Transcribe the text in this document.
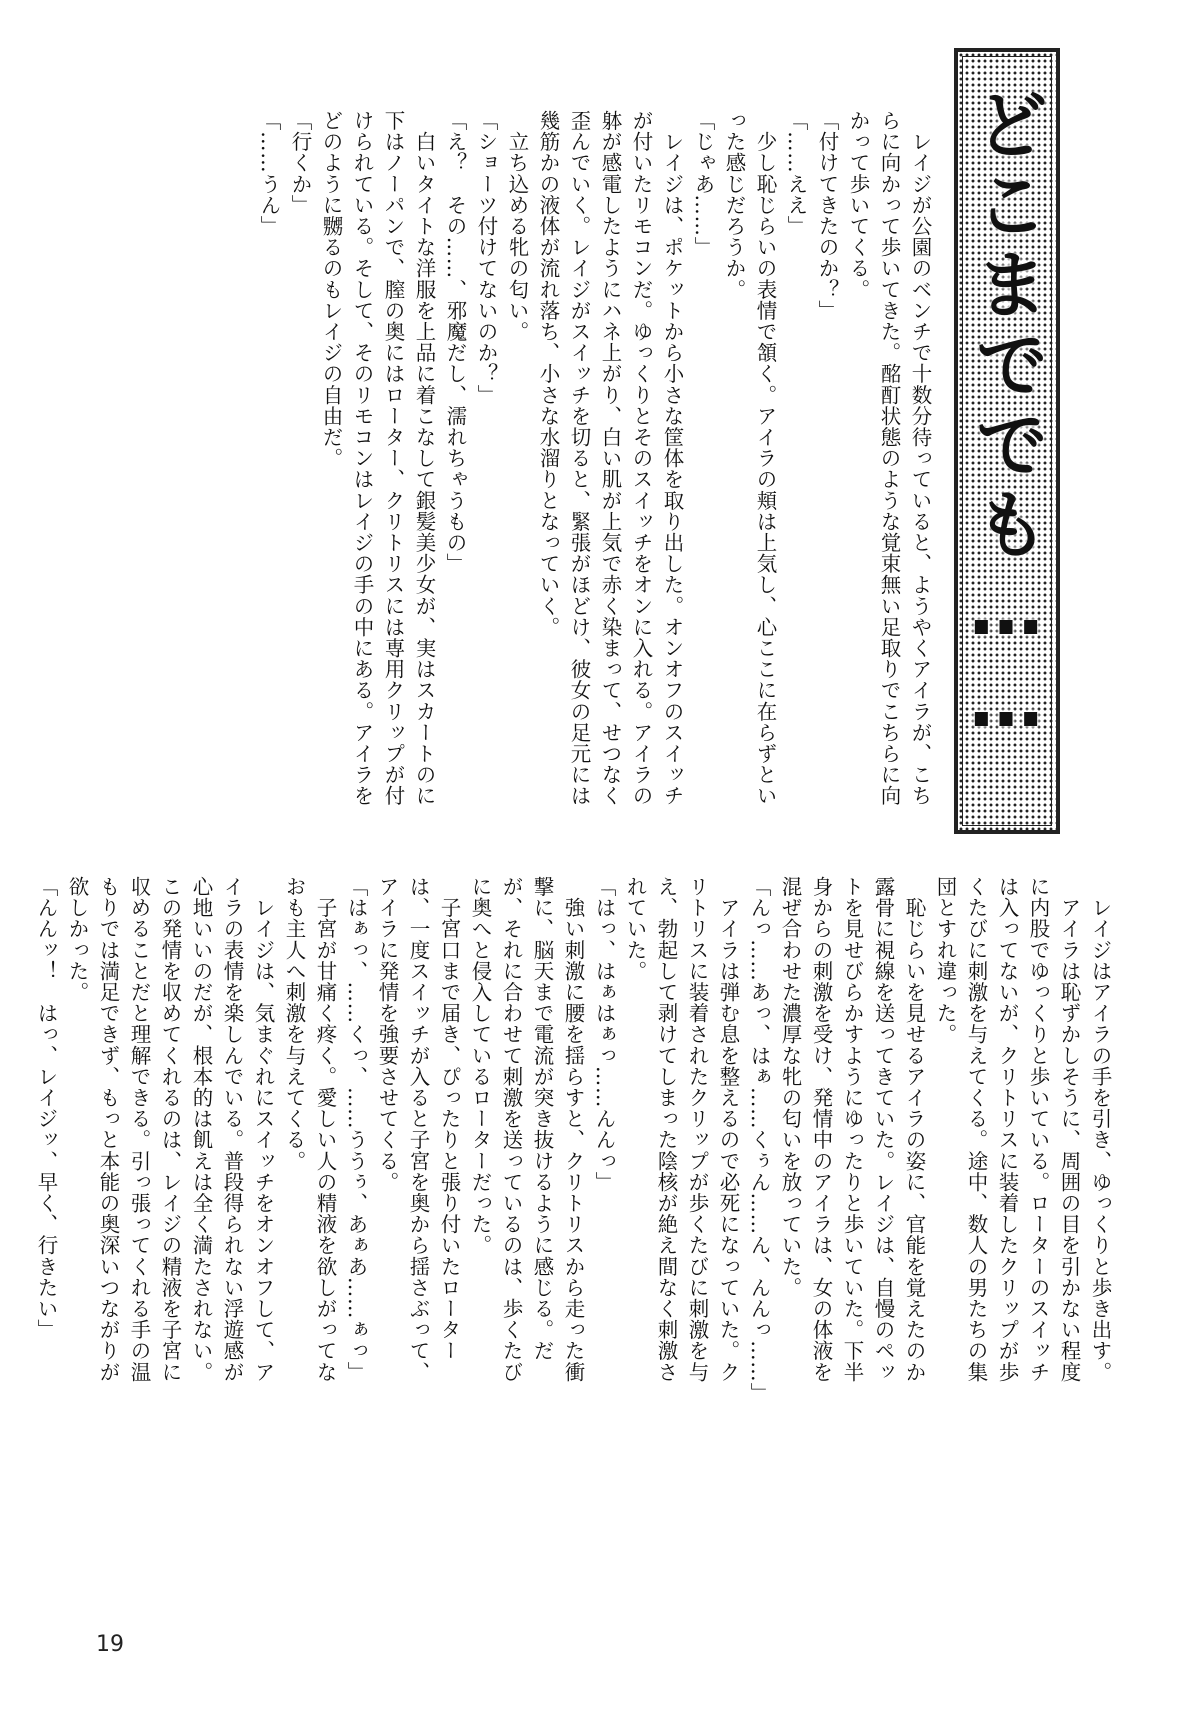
どこまででも……

　レイジが公園のベンチで十数分待っていると、ようやくアイラが、こちらに向かって歩いてきた。酩酊状態のような覚束無い足取りでこちらに向かって歩いてくる。

「付けてきたのか？」

「……ええ」

　少し恥じらいの表情で頷く。アイラの頬は上気し、心ここに在らずといった感じだろうか。

「じゃあ……」

　レイジは、ポケットから小さな筐体を取り出した。オンオフのスイッチが付いたリモコンだ。ゆっくりとそのスイッチをオンに入れる。アイラの躰が感電したようにハネ上がり、白い肌が上気で赤く染まって、せつなく歪んでいく。レイジがスイッチを切ると、緊張がほどけ、彼女の足元には幾筋かの液体が流れ落ち、小さな水溜りとなっていく。

　立ち込める牝の匂い。

「ショーツ付けてないのか？」

「え？　その……、邪魔だし、濡れちゃうもの」

　白いタイトな洋服を上品に着こなして銀髪美少女が、実はスカートのに下はノーパンで、膣の奥にはローター、クリトリスには専用クリップが付けられている。そして、そのリモコンはレイジの手の中にある。アイラをどのように嬲るのもレイジの自由だ。

「行くか」

「……うん」

　レイジはアイラの手を引き、ゆっくりと歩き出す。

　アイラは恥ずかしそうに、周囲の目を引かない程度に内股でゆっくりと歩いている。ローターのスイッチは入ってないが、クリトリスに装着したクリップが歩くたびに刺激を与えてくる。途中、数人の男たちの集団とすれ違った。

　恥じらいを見せるアイラの姿に、官能を覚えたのか露骨に視線を送ってきていた。レイジは、自慢のペットを見せびらかすようにゆったりと歩いていた。下半身からの刺激を受け、発情中のアイラは、女の体液を混ぜ合わせた濃厚な牝の匂いを放っていた。

「んっ……あっ、はぁ……くぅん……ん、んんっ……」

　アイラは弾む息を整えるので必死になっていた。クリトリスに装着されたクリップが歩くたびに刺激を与え、勃起して剥けてしまった陰核が絶え間なく刺激されていた。

「はっ、はぁはぁっ……んんっ」

　強い刺激に腰を揺らすと、クリトリスから走った衝撃に、脳天まで電流が突き抜けるように感じる。だが、それに合わせて刺激を送っているのは、歩くたびに奥へと侵入しているローターだった。

　子宮口まで届き、ぴったりと張り付いたローターは、一度スイッチが入ると子宮を奥から揺さぶって、アイラに発情を強要させてくる。

「はぁっ、……くっ、……ううぅ、あぁあ……ぁっ」

　子宮が甘痛く疼く。愛しい人の精液を欲しがってなおも主人へ刺激を与えてくる。

　レイジは、気まぐれにスイッチをオンオフして、アイラの表情を楽しんでいる。普段得られない浮遊感が心地いいのだが、根本的は飢えは全く満たされない。この発情を収めてくれるのは、レイジの精液を子宮に収めることだと理解できる。引っ張ってくれる手の温もりでは満足できず、もっと本能の奥深いつながりが欲しかった。

「んんッ！　はっ、レイジッ、早く、行きたい」

19
